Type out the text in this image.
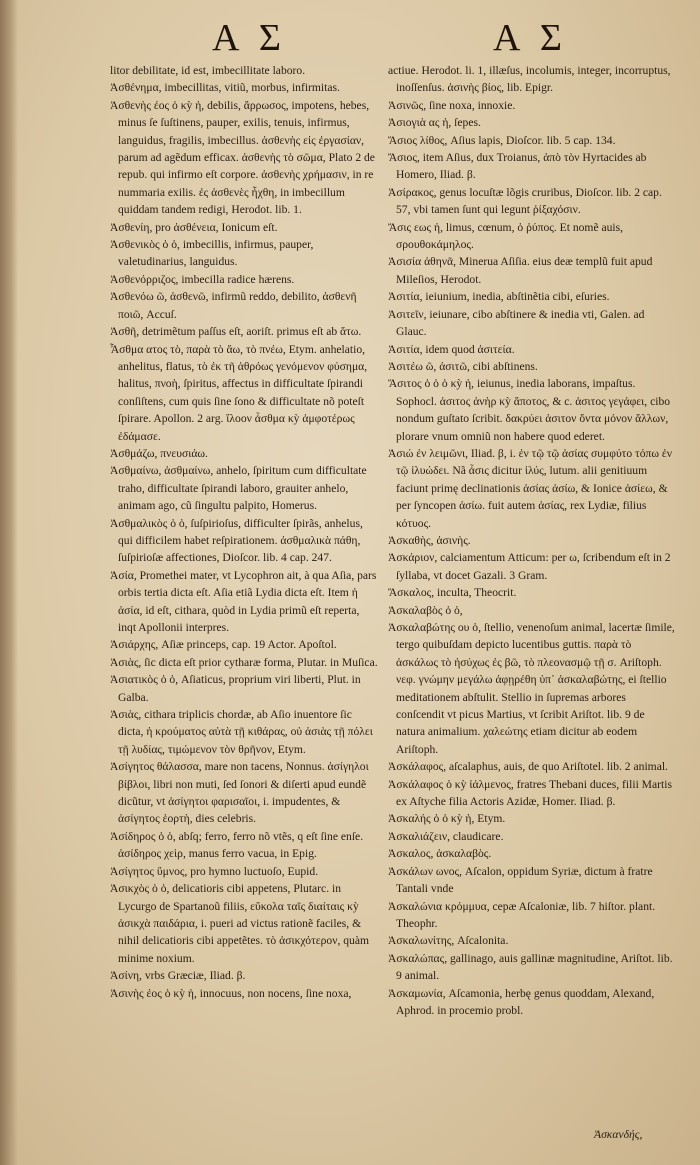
Α Σ	Α Σ

litor debilitate, id est, imbecillitate laboro.

Ἀσθένημα, imbecillitas, vitiũ, morbus, infirmitas.

Ἀσθενὴς έος ὁ κỳ ἡ, debilis, ἄρρωσος, impotens, hebes, minus ſe ſuſtinens, pauper, exilis, tenuis, infirmus, languidus, fragilis, imbecillus. ἀσθενὴς εἰς ἐργασίαν, parum ad agẽdum efficax. ἀσθενὴς τὸ σῶμα, Plato 2 de repub. qui infirmo eſt corpore. ἀσθενὴς χρήμασιν, in re nummaria exilis. ἐς ἀσθενὲς ἦχθη, in imbecillum quiddam tandem redigi, Herodot. lib. 1.

Ἀσθενίη, pro ἀσθένεια, Ionicum eſt.

Ἀσθενικὸς ὁ ὁ, imbecillis, infirmus, pauper, valetudinarius, languidus.

Ἀσθενόρριζος, imbecilla radice hærens.

Ἀσθενόω ῶ, ἀσθενῶ, infirmũ reddo, debilito, ἀσθενῆ ποιῶ, Accuſ.

Ἀσθῆ, detrimẽtum paſſus eſt, aoriſt. primus eſt ab ἄτω.

Ἆσθμα ατος τὸ, παρὰ τὸ ἄω, τὸ πνέω, Etym. anhelatio, anhelitus, flatus, τὸ ἐκ τῆ ἀθρόως γενόμενον φύσημα, halitus, πνοὴ, ſpiritus, affectus in difficultate ſpirandi conſiſtens, cum quis ſine ſono & difficultate nõ poteſt ſpirare. Apollon. 2 arg. ἴλοον ἆσθμα κỳ ἀμφοτέρως ἐδάμασε.

Ἀσθμάζω, πνευσιάω.

Ἀσθμαίνω, ἀσθμαίνω, anhelo, ſpiritum cum difficultate traho, difficultate ſpirandi laboro, grauiter anhelo, animam ago, cũ ſingultu palpito, Homerus.

Ἀσθμαλικὸς ὁ ὁ, ſuſpirioſus, difficulter ſpirãs, anhelus, qui difficilem habet reſpirationem. ἀσθμαλικὰ πάθη, ſuſpirioſæ affectiones, Dioſcor. lib. 4 cap. 247.

Ἀσία, Promethei mater, vt Lycophron ait, à qua Aſia, pars orbis tertia dicta eſt. Aſia etiã Lydia dicta eſt. Item ἡ ἀσία, id eſt, cithara, quòd in Lydia primũ eſt reperta, inqt Apollonii interpres.

Ἀσιάρχης, Aſiæ princeps, cap. 19 Actor. Apoſtol.

Ἀσιὰς, ſic dicta eſt prior cytharæ forma, Plutar. in Muſica.

Ἀσιατικὸς ὁ ὁ, Aſiaticus, proprium viri liberti, Plut. in Galba.

Ἀσιὰς, cithara triplicis chordæ, ab Aſio inuentore ſic dicta, ἡ κρούματος αὐτὰ τῇ κιθάρας, οὐ ἀσιὰς τῇ πόλει τῇ λυδίας, τιμώμενον τὸν θρῆνον, Etym.

Ἀσίγητος θάλασσα, mare non tacens, Nonnus. ἀσίγηλοι βίβλοι, libri non muti, ſed ſonori & diſerti apud eundẽ dicũtur, vt ἀσίγητοι φαρισαῖοι, i. impudentes, & ἀσίγητος ἑορτὴ, dies celebris.

Ἀσίδηρος ὁ ὁ, abſq; ferro, ferro nõ vtẽs, q eſt ſine enſe. ἀσίδηρος χεὶρ, manus ferro vacua, in Epig.

Ἀσίγητος ὕμνος, pro hymno luctuoſo, Eupid.

Ἀσικχὸς ὁ ὁ, delicatioris cibi appetens, Plutarc. in Lycurgo de Spartanoũ filiis, εὔκολα ταῖς διαίταις κỳ ἀσικχὰ παιδάρια, i. pueri ad victus rationẽ faciles, & nihil delicatioris cibi appetẽtes. τὸ ἀσικχότερον, quàm minime noxium.

Ἀσίνη, vrbs Græciæ, Iliad. β.

Ἀσινὴς έος ὁ κỳ ἡ, innocuus, non nocens, ſine noxa,

actiue. Herodot. li. 1, illæſus, incolumis, integer, incorruptus, inoſſenſus. ἀσινὴς βίος, lib. Epigr.

Ἀσινῶς, ſine noxa, innoxie.

Ἀσιογιὰ ας ἡ, ſepes.

Ἄσιος λίθος, Aſius lapis, Dioſcor. lib. 5 cap. 134.

Ἄσιος, item Aſius, dux Troianus, ἀπὸ τὸν Hyrtacides ab Homero, Iliad. β.

Ἀσίρακος, genus locuſtæ lõgis cruribus, Dioſcor. lib. 2 cap. 57, vbi tamen ſunt qui legunt ῥίξαχόσιν.

Ἄσις εως ἡ, limus, cœnum, ὁ ῥύπος. Et nomẽ auis, σρουθοκάμηλος.

Ἀσισία ἀθηνᾶ, Minerua Aſiſia. eius deæ templũ fuit apud Mileſios, Herodot.

Ἀσιτία, ieiunium, inedia, abſtinẽtia cibi, eſuries.

Ἀσιτεῖν, ieiunare, cibo abſtinere & inedia vti, Galen. ad Glauc.

Ἀσιτία, idem quod ἀσιτεία.

Ἀσιτέω ῶ, ἀσιτῶ, cibi abſtinens.

Ἄσιτος ὁ ὁ ὁ κỳ ἡ, ieiunus, inedia laborans, impaſtus. Sophocl. ἀσιτος ἀνὴρ κỳ ἄποτος, & c. ἀσιτος γεγάφει, cibo nondum guſtato ſcribit. δακρύει ἀσιτον ὄντα μόνον ἄλλων, plorare vnum omniũ non habere quod ederet.

Ἀσιώ ἐν λειμῶνι, Iliad. β, i. ἐν τῷ τῷ ἀσίας συμφύτο τόπω ἐν τῷ ἰλυώδει. Nã ἆσις dicitur ἰλύς, lutum. alii genitiuum faciunt primę declinationis ἀσίας ἀσίω, & Ionice ἀσίεω, & per ſyncopen ἀσίω. fuit autem ἀσίας, rex Lydiæ, filius κότυος.

Ἀσκαθὴς, ἀσινὴς.

Ἀσκάριον, calciamentum Atticum: per ω, ſcribendum eſt in 2 ſyllaba, vt docet Gazali. 3 Gram.

Ἄσκαλος, inculta, Theocrit.

Ἀσκαλαβὸς ὁ ὁ,

Ἀσκαλαβώτης ου ὁ, ſtellio, venenoſum animal, lacertæ ſimile, tergo quibuſdam depicto lucentibus guttis. παρὰ τὸ ἀσκάλως τὸ ἡσύχως ἐς βῶ, τὸ πλεονασμῷ τῇ σ. Ariſtoph. νεφ. γνώμην μεγάλω ἀφῃρέθη ὑπ᾽ ἀσκαλαβώτης, ei ſtellio meditationem abſtulit. Stellio in ſupremas arbores conſcendit vt picus Martius, vt ſcribit Ariſtot. lib. 9 de natura animalium. χαλεώτης etiam dicitur ab eodem Ariſtoph.

Ἀσκάλαφος, aſcalaphus, auis, de quo Ariſtotel. lib. 2 animal.

Ἀσκάλαφος ὁ κỳ ἰάλμενος, fratres Thebani duces, filii Martis ex Aſtyche filia Actoris Azidæ, Homer. Iliad. β.

Ἀσκαλής ὁ ὁ κỳ ἡ, Etym.

Ἀσκαλιάζειν, claudicare.

Ἀσκαλος, ἀσκαλαβὸς.

Ἀσκάλων ωνος, Aſcalon, oppidum Syriæ, dictum à fratre Tantali vnde

Ἀσκαλώνια κρόμμυα, cepæ Aſcaloniæ, lib. 7 hiſtor. plant. Theophr.

Ἀσκαλωνίτης, Aſcalonita.

Ἀσκαλώπας, gallinago, auis gallinæ magnitudine, Ariſtot. lib. 9 animal.

Ἀσκαμωνία, Aſcamonia, herbę genus quoddam, Alexand, Aphrod. in procemio probl.

Ἀσκανδής,
